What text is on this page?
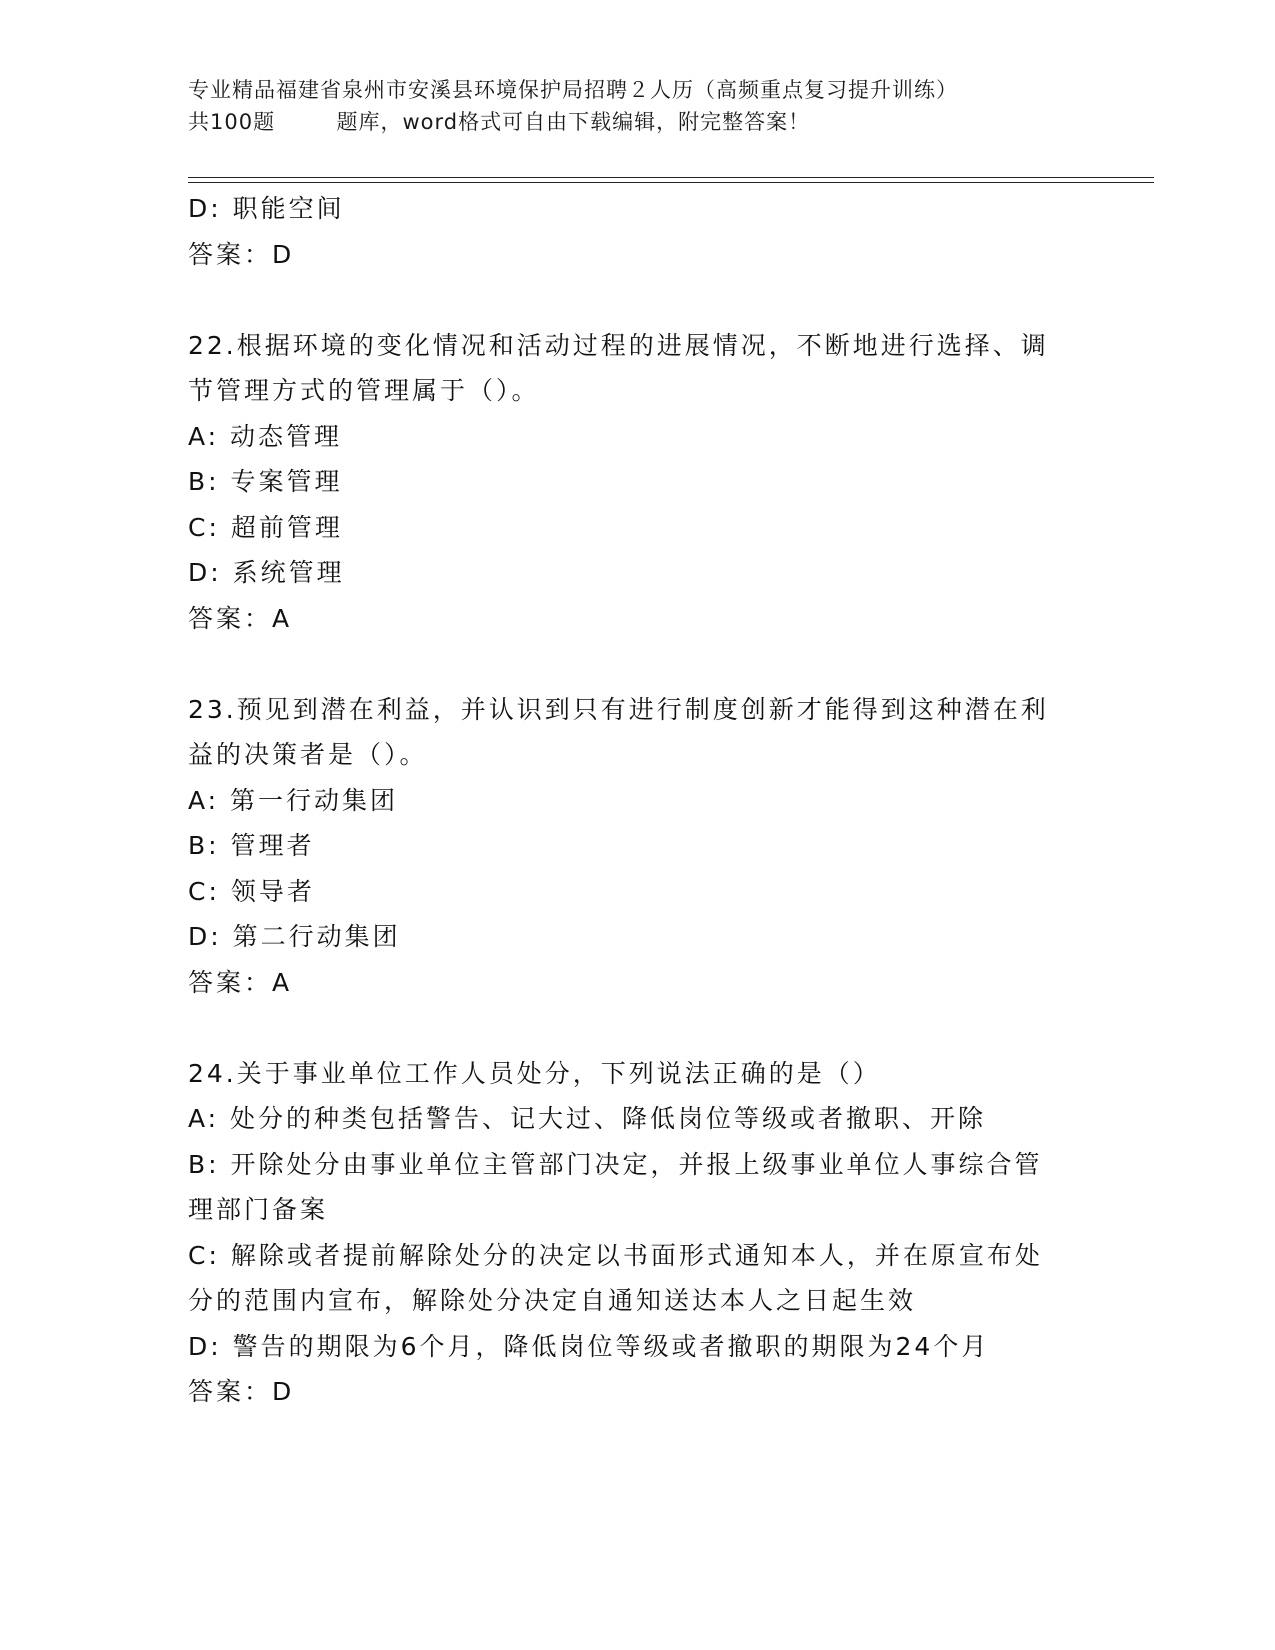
专业精品福建省泉州市安溪县环境保护局招聘２人历（高频重点复习提升训练）
共100题        题库，word格式可自由下载编辑，附完整答案！
D: 职能空间
答案：D
22.根据环境的变化情况和活动过程的进展情况，不断地进行选择、调
节管理方式的管理属于（）。
A: 动态管理
B: 专案管理
C: 超前管理
D: 系统管理
答案：A
23.预见到潜在利益，并认识到只有进行制度创新才能得到这种潜在利
益的决策者是（）。
A: 第一行动集团
B: 管理者
C: 领导者
D: 第二行动集团
答案：A
24.关于事业单位工作人员处分，下列说法正确的是（）
A: 处分的种类包括警告、记大过、降低岗位等级或者撤职、开除
B: 开除处分由事业单位主管部门决定，并报上级事业单位人事综合管
理部门备案
C: 解除或者提前解除处分的决定以书面形式通知本人，并在原宣布处
分的范围内宣布，解除处分决定自通知送达本人之日起生效
D: 警告的期限为6个月，降低岗位等级或者撤职的期限为24个月
答案：D
